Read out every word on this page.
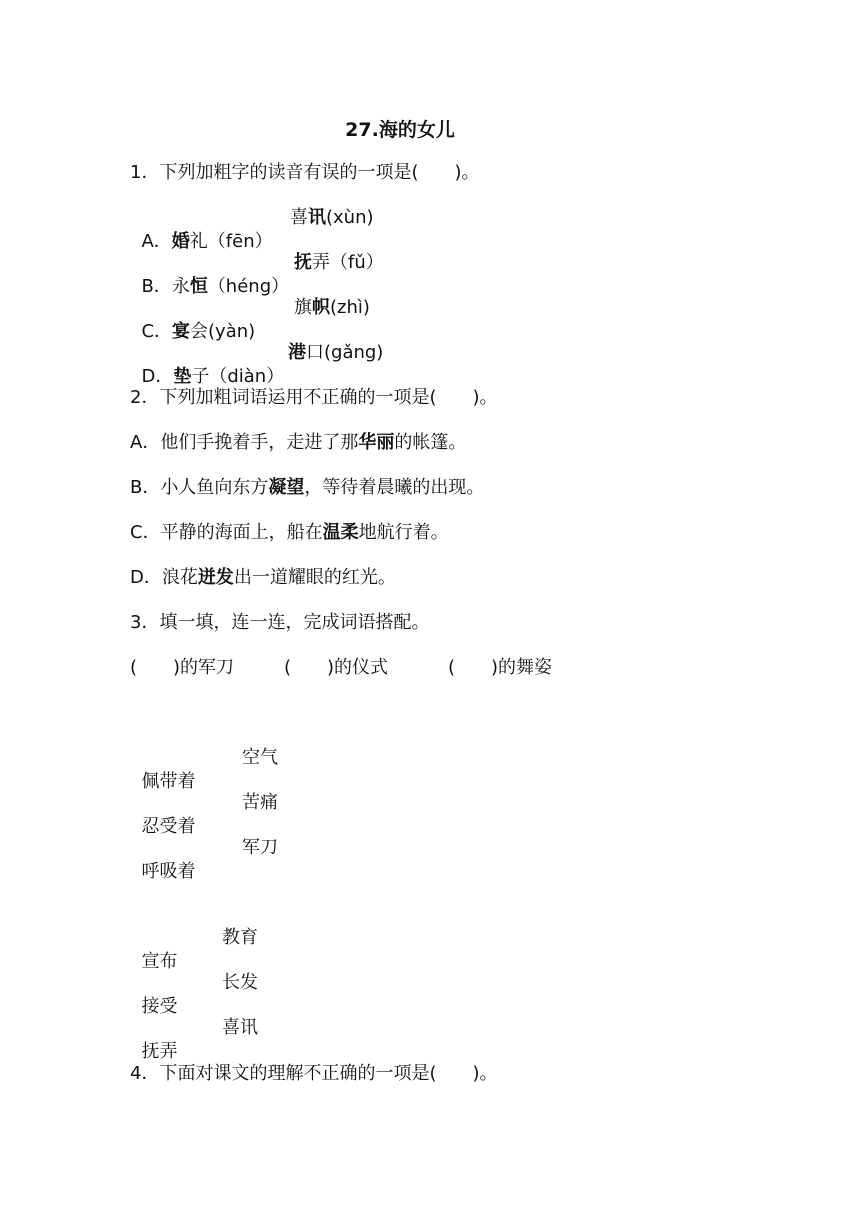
27.海的女儿
1．下列加粗字的读音有误的一项是(　　)。

A．婚礼（fēn）

喜讯(xùn)

B．永恒（héng）

抚弄（fǔ）

C．宴会(yàn)

旗帜(zhì)

D．垫子（diàn）

港口(gǎng)

2．下列加粗词语运用不正确的一项是(　　)。
A．他们手挽着手，走进了那华丽的帐篷。
B．小人鱼向东方凝望，等待着晨曦的出现。
C．平静的海面上，船在温柔地航行着。
D．浪花迸发出一道耀眼的红光。
3．填一填，连一连，完成词语搭配。

(　　)的军刀

	(　　)的仪式

	(　　)的舞姿

佩带着

空气

忍受着

苦痛

呼吸着

军刀

宣布

教育

接受

长发

抚弄

喜讯

4．下面对课文的理解不正确的一项是(　　)。
